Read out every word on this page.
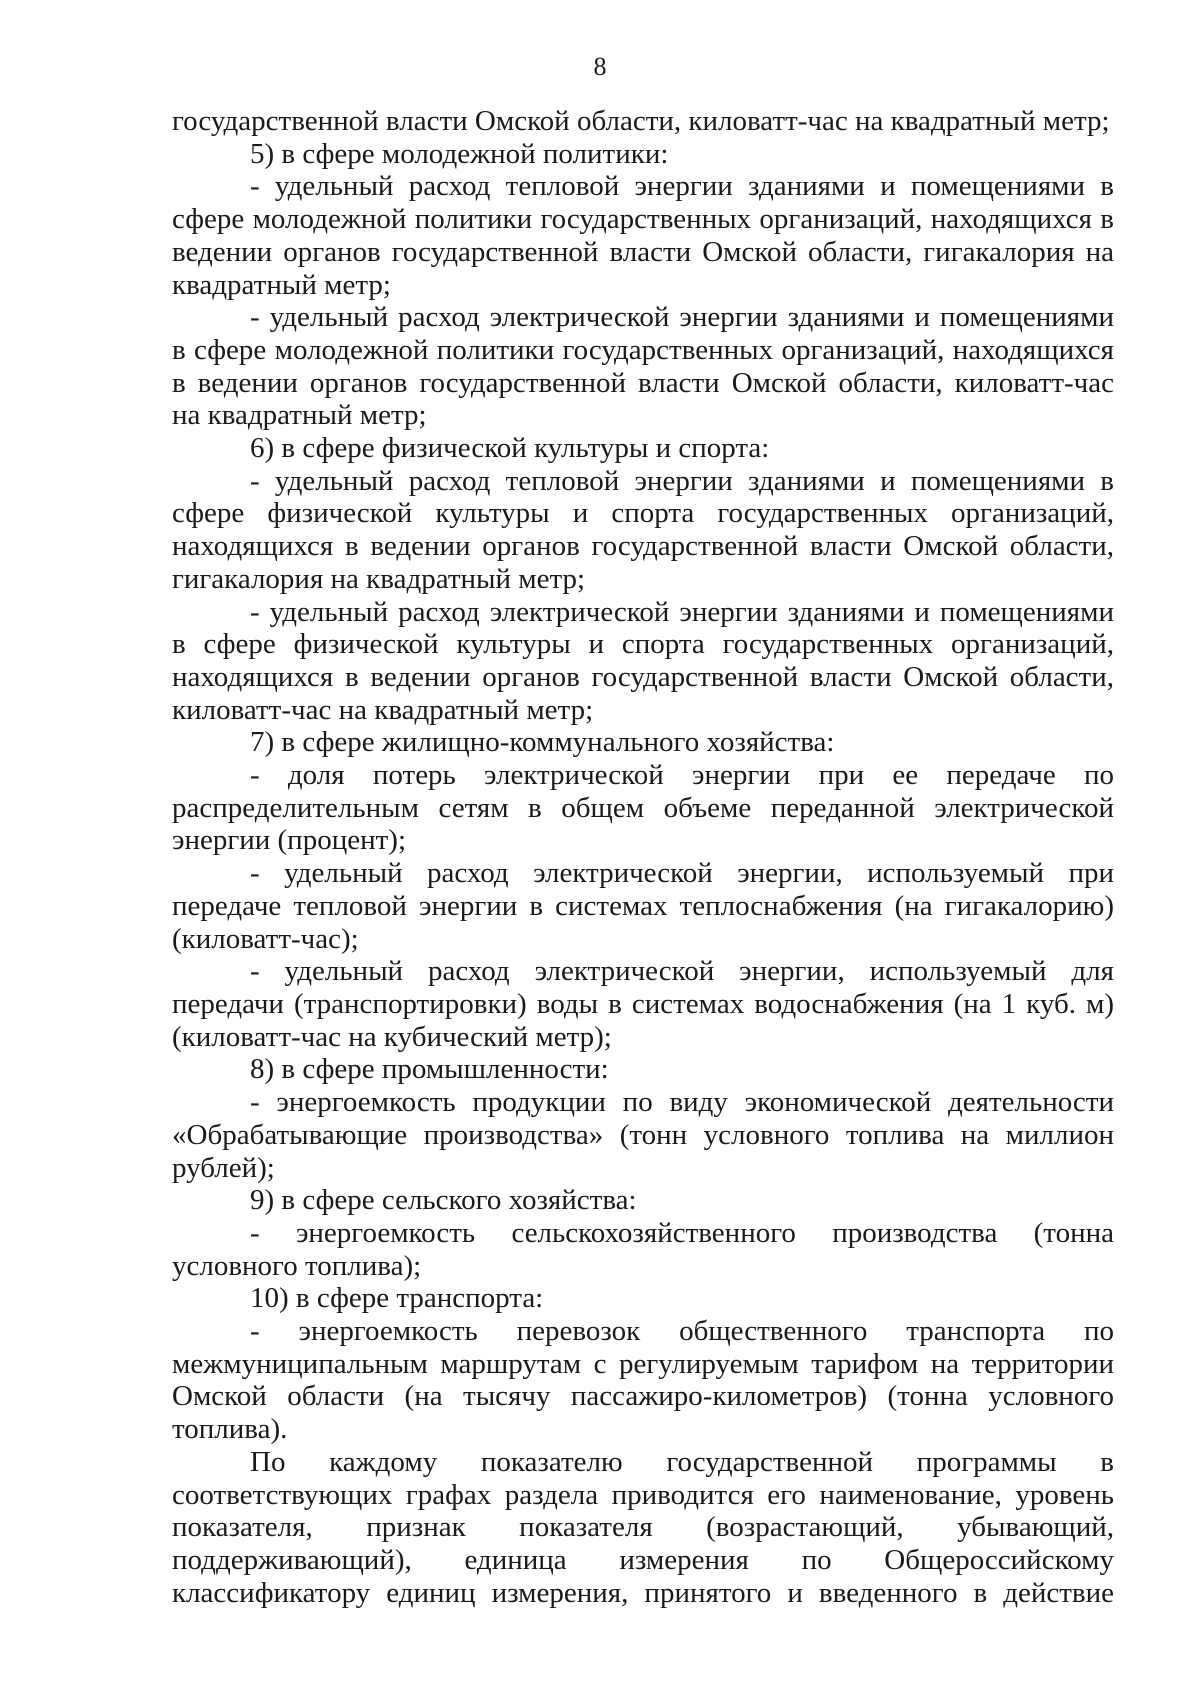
8

государственной власти Омской области, киловатт-час на квадратный метр;

5) в сфере молодежной политики:

- удельный расход тепловой энергии зданиями и помещениями в сфере молодежной политики государственных организаций, находящихся в ведении органов государственной власти Омской области, гигакалория на квадратный метр;

- удельный расход электрической энергии зданиями и помещениями в сфере молодежной политики государственных организаций, находящихся в ведении органов государственной власти Омской области, киловатт-час на квадратный метр;

6) в сфере физической культуры и спорта:

- удельный расход тепловой энергии зданиями и помещениями в сфере физической культуры и спорта государственных организаций, находящихся в ведении органов государственной власти Омской области, гигакалория на квадратный метр;

- удельный расход электрической энергии зданиями и помещениями в сфере физической культуры и спорта государственных организаций, находящихся в ведении органов государственной власти Омской области, киловатт-час на квадратный метр;

7) в сфере жилищно-коммунального хозяйства:

- доля потерь электрической энергии при ее передаче по распределительным сетям в общем объеме переданной электрической энергии (процент);

- удельный расход электрической энергии, используемый при передаче тепловой энергии в системах теплоснабжения (на гигакалорию) (киловатт-час);

- удельный расход электрической энергии, используемый для передачи (транспортировки) воды в системах водоснабжения (на 1 куб. м) (киловатт-час на кубический метр);

8) в сфере промышленности:

- энергоемкость продукции по виду экономической деятельности «Обрабатывающие производства» (тонн условного топлива на миллион рублей);

9) в сфере сельского хозяйства:

- энергоемкость сельскохозяйственного производства (тонна условного топлива);

10) в сфере транспорта:

- энергоемкость перевозок общественного транспорта по межмуниципальным маршрутам с регулируемым тарифом на территории Омской области (на тысячу пассажиро-километров) (тонна условного топлива).

По каждому показателю государственной программы в соответствующих графах раздела приводится его наименование, уровень показателя, признак показателя (возрастающий, убывающий, поддерживающий), единица измерения по Общероссийскому классификатору единиц измерения, принятого и введенного в действие
